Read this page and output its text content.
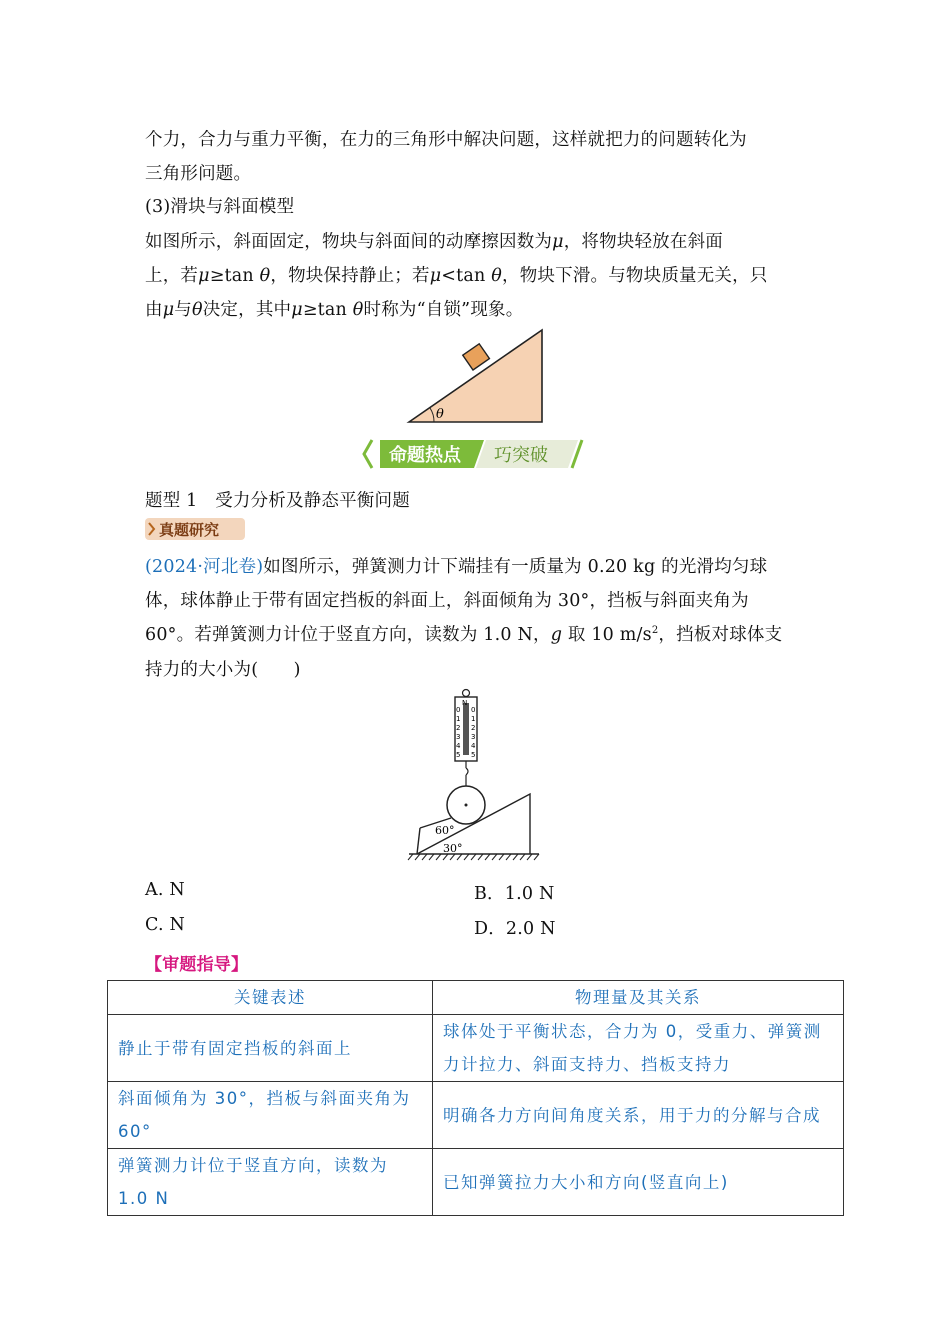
个力，合力与重力平衡，在力的三角形中解决问题，这样就把力的问题转化为
三角形问题。
(3)滑块与斜面模型
如图所示，斜面固定，物块与斜面间的动摩擦因数为μ，将物块轻放在斜面
上，若μ≥tan θ，物块保持静止；若μ<tan θ，物块下滑。与物块质量无关，只
由μ与θ决定，其中μ≥tan θ时称为“自锁”现象。
θ
命题热点 巧突破
题型 1　受力分析及静态平衡问题
真题研究
(2024·河北卷)如图所示，弹簧测力计下端挂有一质量为 0.20 kg 的光滑均匀球
体，球体静止于带有固定挡板的斜面上，斜面倾角为 30°，挡板与斜面夹角为
60°。若弹簧测力计位于竖直方向，读数为 1.0 N，g 取 10 $m/s^2$，挡板对球体支
持力的大小为(　　)
N
0 0
1 1
2 2
3 3
4 4
5 5
60°
30°
A. N	B．1.0 N
C. N	D．2.0 N
【审题指导】
关键表述	物理量及其关系
静止于带有固定挡板的斜面上	球体处于平衡状态，合力为 0，受重力、弹簧测力计拉力、斜面支持力、挡板支持力
斜面倾角为 30°，挡板与斜面夹角为 60°	明确各力方向间角度关系，用于力的分解与合成
弹簧测力计位于竖直方向，读数为 1.0 N	已知弹簧拉力大小和方向(竖直向上)
